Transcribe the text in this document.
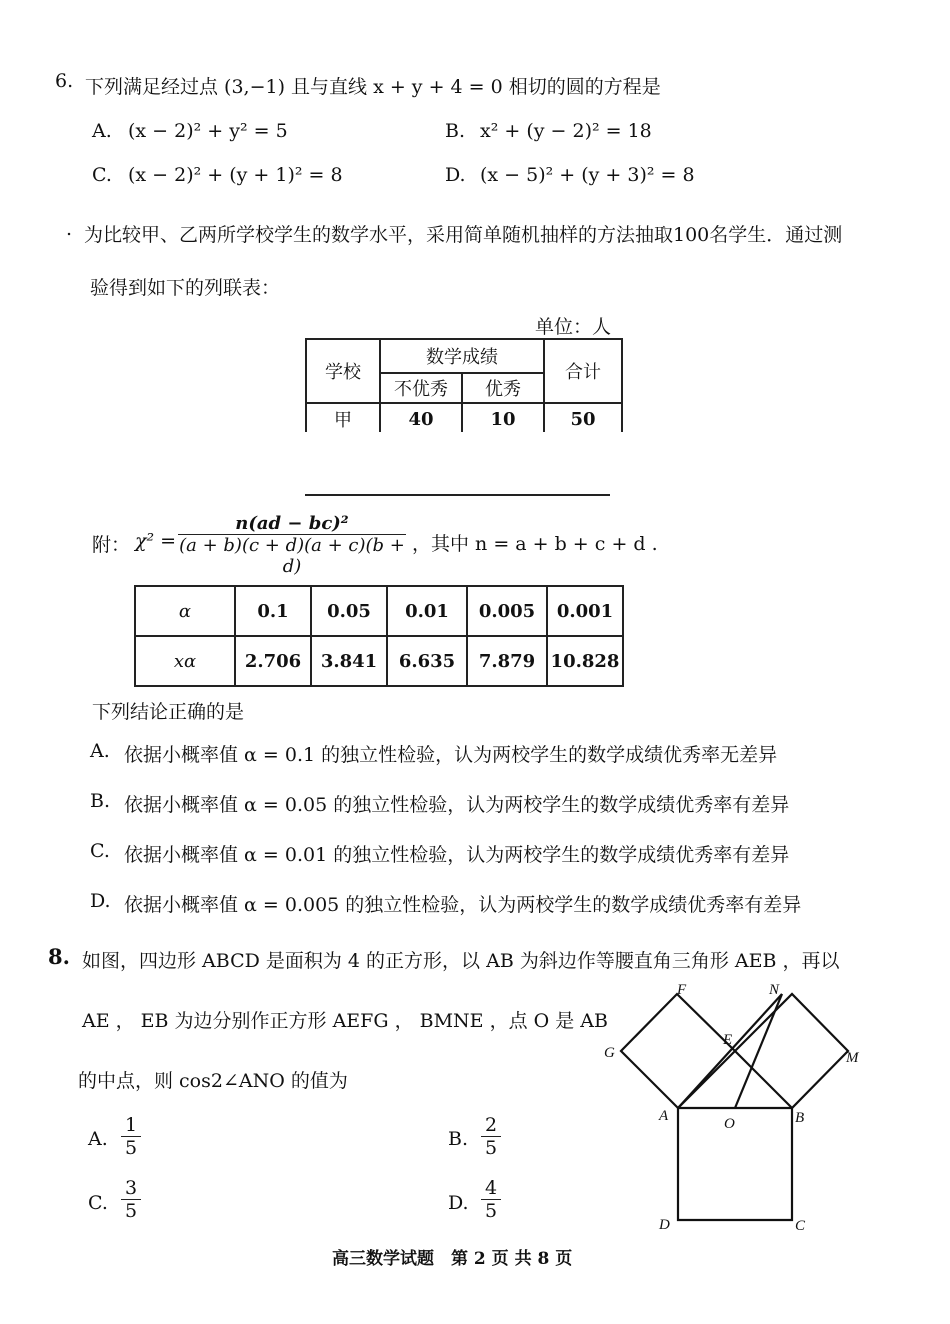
6. 下列满足经过点 (3,−1) 且与直线 x + y + 4 = 0 相切的圆的方程是
A. (x − 2)² + y² = 5	B. x² + (y − 2)² = 18
C. (x − 2)² + (y + 1)² = 8	D. (x − 5)² + (y + 3)² = 8
. 为比较甲、乙两所学校学生的数学水平，采用简单随机抽样的方法抽取100名学生．通过测
验得到如下的列联表：
单位：人
学校	数学成绩		合计
	不优秀	优秀	
甲	40	10	50
附： $\chi^2 = \frac{\text{n(ad − bc)²}}{(a + b)(c + d)(a + c)(b + d)}$ ，其中 n = a + b + c + d .
α	0.1	0.05	0.01	0.005	0.001
xα	2.706	3.841	6.635	7.879	10.828
下列结论正确的是
A. 依据小概率值 α = 0.1 的独立性检验，认为两校学生的数学成绩优秀率无差异
B. 依据小概率值 α = 0.05 的独立性检验，认为两校学生的数学成绩优秀率有差异
C. 依据小概率值 α = 0.01 的独立性检验，认为两校学生的数学成绩优秀率有差异
D. 依据小概率值 α = 0.005 的独立性检验，认为两校学生的数学成绩优秀率有差异
8. 如图，四边形 ABCD 是面积为 4 的正方形，以 AB 为斜边作等腰直角三角形 AEB ，再以
AE ， EB 为边分别作正方形 AEFG ， BMNE ，点 O 是 AB
的中点，则 cos2∠ANO 的值为
A. $\frac{1}{5}$	B. $\frac{2}{5}$
C. $\frac{3}{5}$	D. $\frac{4}{5}$
F	N
G
E
M
A	O	B
D	C
高三数学试题　第 2 页 共 8 页
